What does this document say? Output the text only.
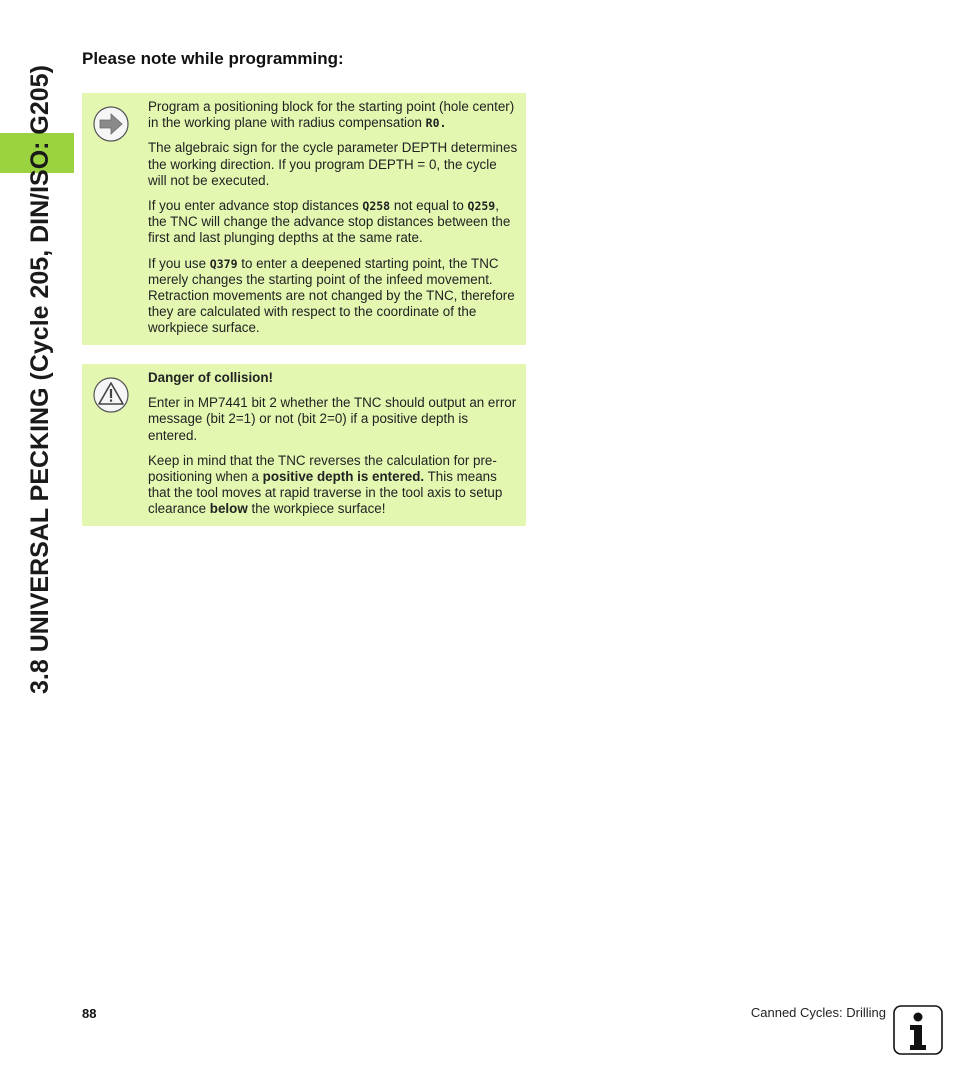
3.8 UNIVERSAL PECKING (Cycle 205, DIN/ISO: G205)
Please note while programming:

Program a positioning block for the starting point (hole center) in the working plane with radius compensation R0.

The algebraic sign for the cycle parameter DEPTH determines the working direction. If you program DEPTH = 0, the cycle will not be executed.

If you enter advance stop distances Q258 not equal to Q259, the TNC will change the advance stop distances between the first and last plunging depths at the same rate.

If you use Q379 to enter a deepened starting point, the TNC merely changes the starting point of the infeed movement. Retraction movements are not changed by the TNC, therefore they are calculated with respect to the coordinate of the workpiece surface.

Danger of collision!

Enter in MP7441 bit 2 whether the TNC should output an error message (bit 2=1) or not (bit 2=0) if a positive depth is entered.

Keep in mind that the TNC reverses the calculation for pre-positioning when a positive depth is entered. This means that the tool moves at rapid traverse in the tool axis to setup clearance below the workpiece surface!

88	Canned Cycles: Drilling
